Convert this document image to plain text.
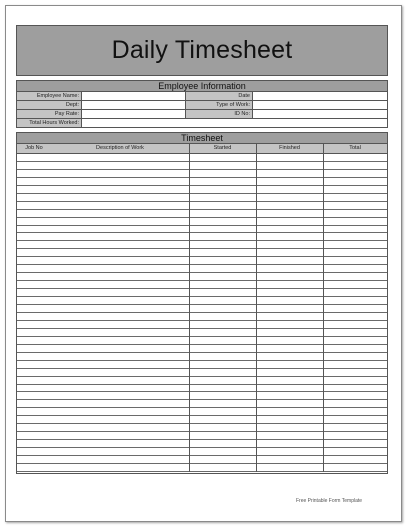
Daily Timesheet
Employee Information
Employee Name:	Date
Dept:	Type of Work:
Pay Rate:	ID No:
Total Hours Worked:
Timesheet
Job No	Description of Work	Started	Finished	Total
Free Printable Form Template
